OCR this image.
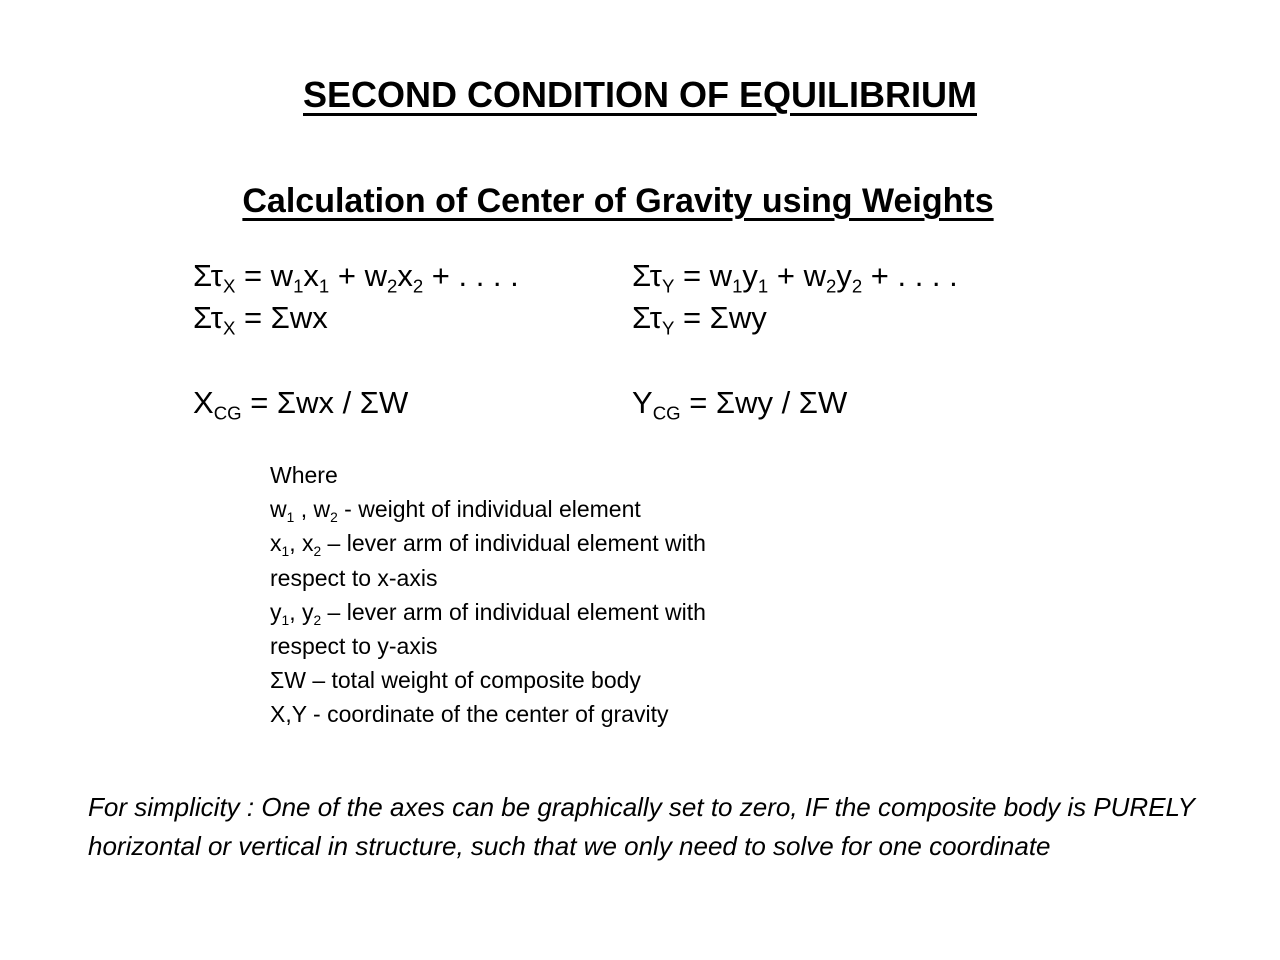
SECOND CONDITION OF EQUILIBRIUM
Calculation of Center of Gravity using Weights
$\Sigma\tau_X = w_1x_1 + w_2x_2$ + . . . .
$\Sigma\tau_X = \Sigma wx$
$X_{CG} = \Sigma wx / \Sigma W$
$\Sigma\tau_Y = w_1y_1 + w_2y_2$ + . . . .
$\Sigma\tau_Y = \Sigma wy$
$Y_{CG} = \Sigma wy / \Sigma W$
Where
$w_1$ , $w_2$ - weight of individual element
$x_1$, $x_2$ – lever arm of individual element with
respect to x-axis
$y_1$, $y_2$ – lever arm of individual element with
respect to y-axis
ΣW – total weight of composite body
X,Y - coordinate of the center of gravity
For simplicity : One of the axes can be graphically set to zero, IF the composite body is PURELY horizontal or vertical in structure, such that we only need to solve for one coordinate
